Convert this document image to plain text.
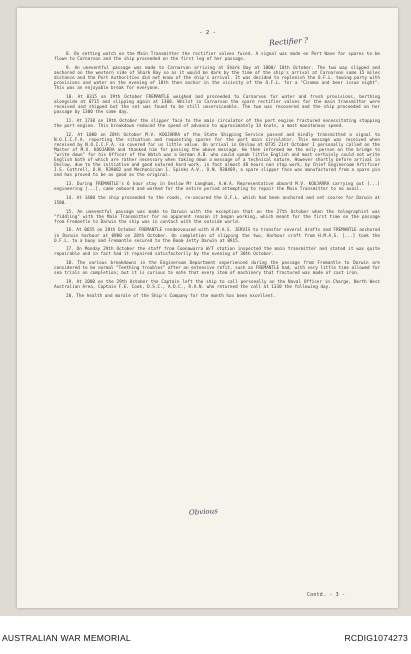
- 2 -
Rectifier ?

8. On setting watch on the Main Transmitter the rectifier valves fused. A signal was made on Port Wave for spares to be flown to Carnarvon and the ship proceeded on the first leg of her passage.

9. An uneventful passage was made to Carnarvon arriving at Shark Bay at 1800/ 18th October. The two way slipped and anchored on the western side of Shark Bay so as it would be dark by the time of the ship's arrival at Carnarvon some 15 miles distance and the Port Authorities did not know of the ship's arrival. It was decided to replenish the O.F.L. towing party with provisions and water on the evening of 18th then anchor in the vicinity of the O.F.L. for a "Cinema and beer issue night". This was an enjoyable break for everyone.

10. At 0315 on 19th October FREMANTLE weighed and proceeded to Carnarvon for water and fresh provisions, berthing alongside at 0715 and slipping again at 1300. Whilst in Carnarvon the spare rectifier valves for the main transmitter were received and shipped but the set was found to be still unserviceable. The two was recovered and the ship proceeded on her passage by 1300 the same day.

11. At 1730 on 19th October the slipper face to the main circulator of the port engine fractured necessitating stopping the port engine. This breakdown reduced the speed of advance to approximately 14 knots, a most monotonous speed.

12. At 1000 on 20th October M.V. KOOJARRA of the State Shipping Service passed and kindly transmitted a signal to N.O.I.C.F.A. reporting the situation and requesting spares for the port main circulator. This message was received when received by N.O.I.C.F.A. so covered for us little value. On arrival in Onslow at 0735 21st October I personally called on the Master of M.V. KOOJARRA and thanked him for passing the above message. He then informed me the only person on the bridge to "write down" for his Officer of the Watch was a German A.B. who could speak little English and most certainly could not write English both of which are rather necessary when taking down a message of a technical nature. However shortly before arrival in Onslow, due to the initiative and good natured hard work, in fact almost 48 hours non stop work, by Chief Engineroom Artificer J.S. Cottrell, O.N. R39082 and Mechanician 1. Spinks A.V., O.N. R30469, a spare slipper face was manufactured from a spare pin and has proved to be as good as the original.

13. During FREMANTLE's 6 hour stay in Onslow Mr Langham, A.W.A. Representative aboard M.V. KOOJARRA carrying out [...] engineering [...], came onboard and worked for the entire period attempting to repair the Main Transmitter to no avail.

14. At 1400 the ship proceeded to the roads, re-secured the O.F.L. which had been anchored and set course for Darwin at 1500.

15. An uneventful passage was made to Darwin with the exception that on the 27th October when the telegraphist was "fiddling" with the Main Transmitter for no apparent reason it began working, which meant for the first time on the passage from Fremantle to Darwin the ship was in contact with the outside world.

16. At 0655 on 28th October FREMANTLE rendezvoused with H.M.A.S. JERVIS to transfer several drafts and FREMANTLE anchored in Darwin harbour at 0900 on 28th October. On completion of slipping the two, Harbour craft from H.M.A.S. [...] took the O.F.L. to a buoy and Fremantle secured to the Boom Jetty Darwin at 0915.

17. On Monday 29th October the staff from Coonawarra W/T station inspected the main transmitter and stated it was quite repairable and in fact had it repaired satisfactorily by the evening of 30th October.

18. The various breakdowns in the Engineroom Department experienced during the passage from Fremantle to Darwin are considered to be normal "Teething troubles" after an extensive refit, such as FREMANTLE had, with very little time allowed for sea trials on completion; but it is curious to note that every item of machinery that fractured was made of cast iron.

19. At 1000 on the 29th October the Captain left the ship to call personally on the Naval Officer in Charge, North West Australian Area, Captain F.E. Cook, D.S.C., A.D.C., R.A.N. who returned the call at 1330 the following day.

20. The health and morale of the Ship's Company for the month has been excellent.

Obvious
Contd. - 3 -
AUSTRALIAN WAR MEMORIAL	RCDIG1074273
